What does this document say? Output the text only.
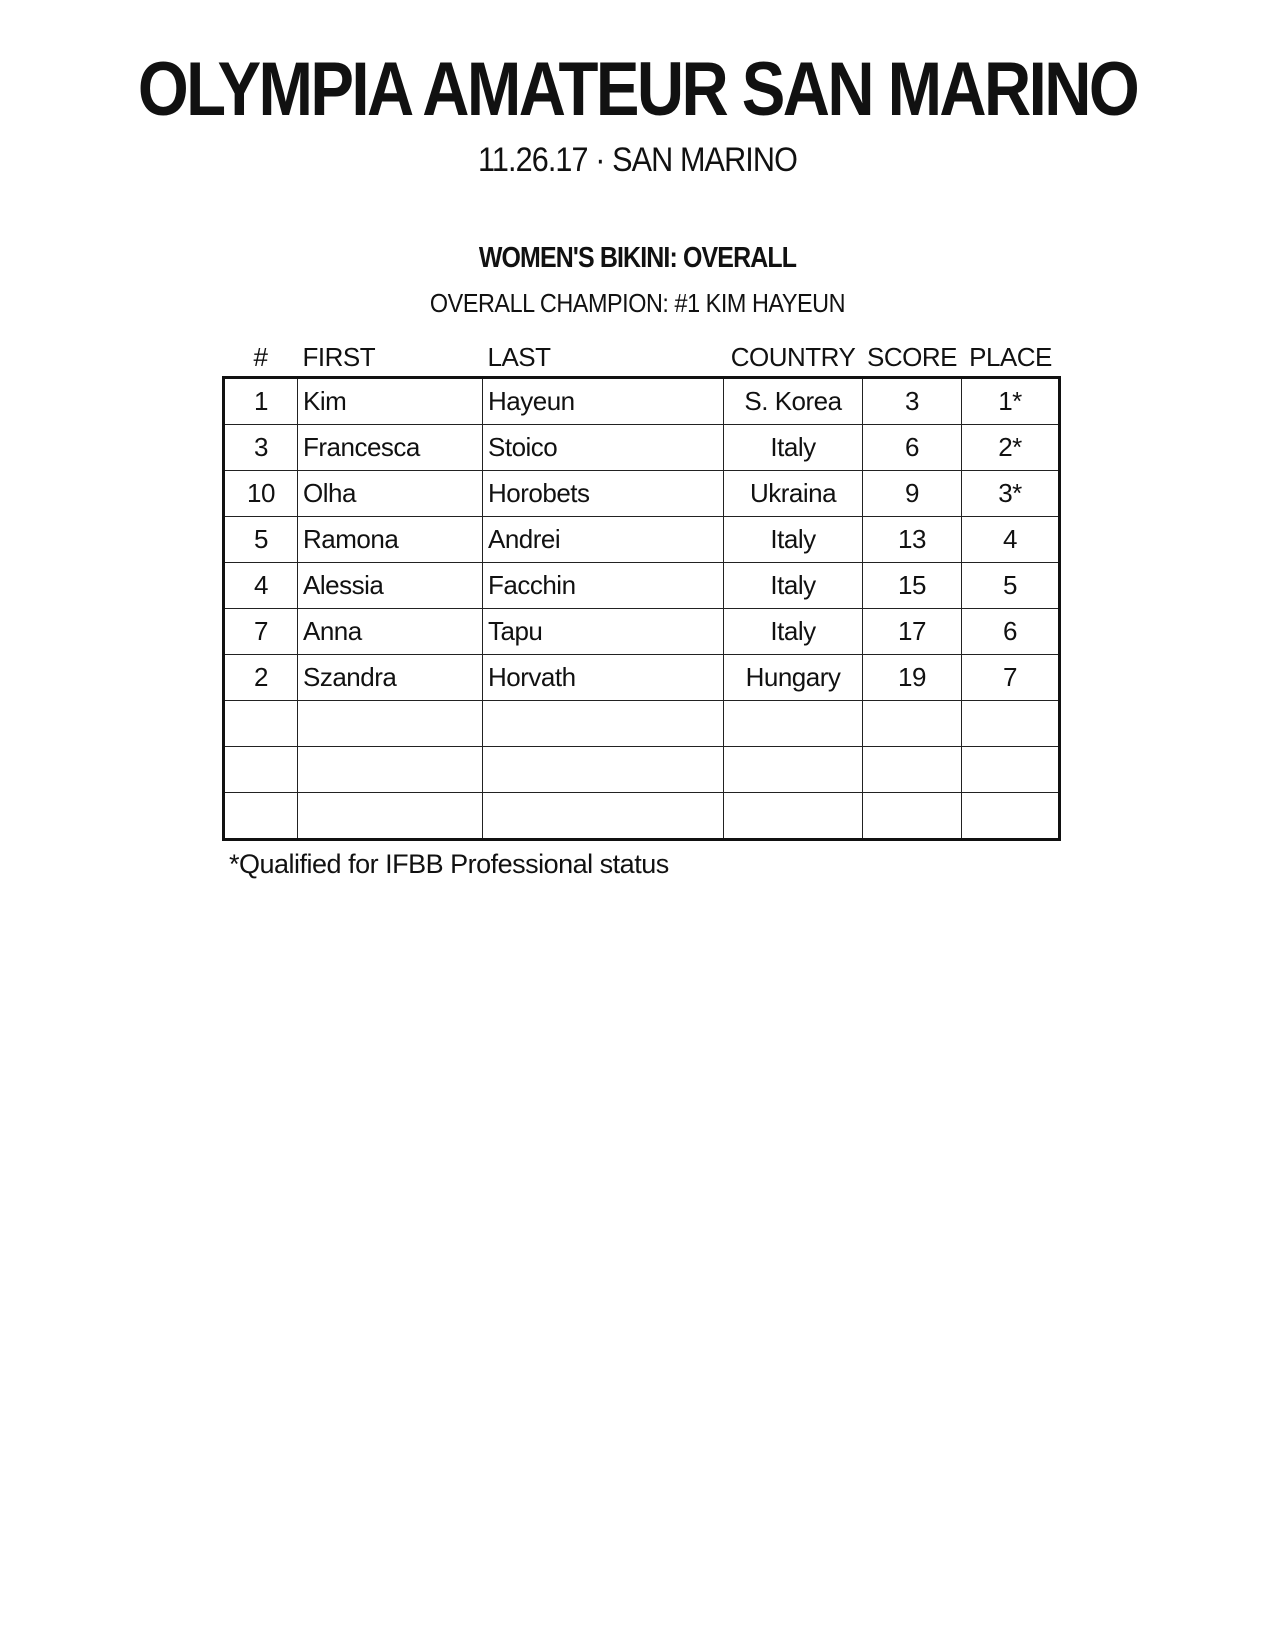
OLYMPIA AMATEUR SAN MARINO
11.26.17 · SAN MARINO
WOMEN'S BIKINI: OVERALL
OVERALL CHAMPION: #1 KIM HAYEUN
#	FIRST	LAST	COUNTRY	SCORE	PLACE
1	Kim	Hayeun	S. Korea	3	1*
3	Francesca	Stoico	Italy	6	2*
10	Olha	Horobets	Ukraina	9	3*
5	Ramona	Andrei	Italy	13	4
4	Alessia	Facchin	Italy	15	5
7	Anna	Tapu	Italy	17	6
2	Szandra	Horvath	Hungary	19	7

*Qualified for IFBB Professional status
